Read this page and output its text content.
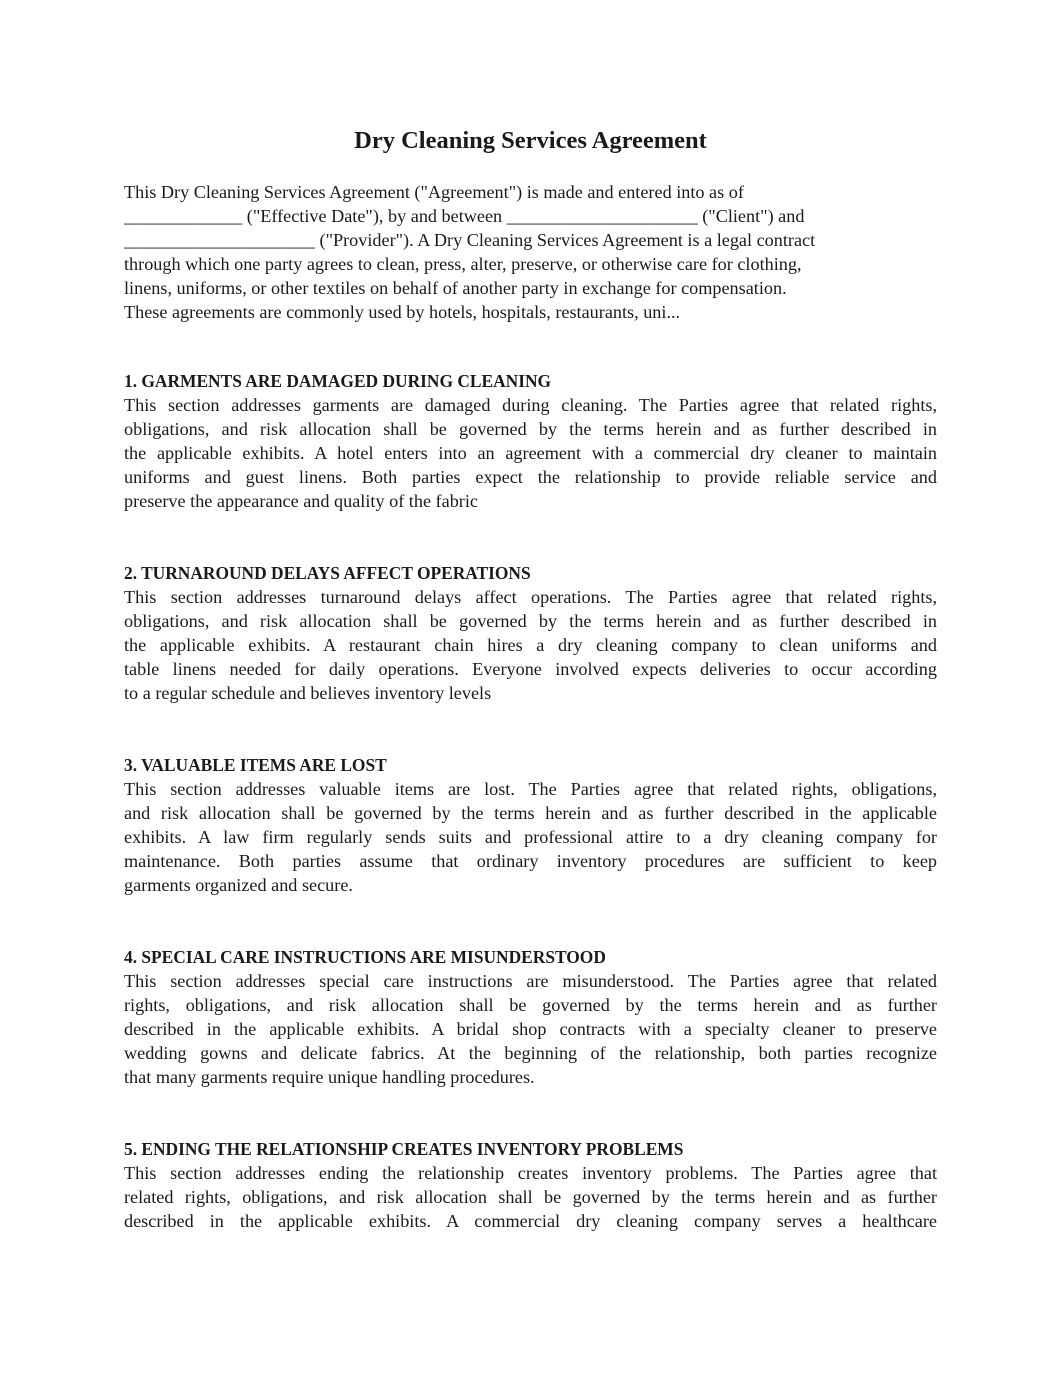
Dry Cleaning Services Agreement

This Dry Cleaning Services Agreement ("Agreement") is made and entered into as of
_____________ ("Effective Date"), by and between _____________________ ("Client") and
_____________________ ("Provider"). A Dry Cleaning Services Agreement is a legal contract
through which one party agrees to clean, press, alter, preserve, or otherwise care for clothing,
linens, uniforms, or other textiles on behalf of another party in exchange for compensation.
These agreements are commonly used by hotels, hospitals, restaurants, uni...

1. GARMENTS ARE DAMAGED DURING CLEANING

This section addresses garments are damaged during cleaning. The Parties agree that related rights,
obligations, and risk allocation shall be governed by the terms herein and as further described in
the applicable exhibits. A hotel enters into an agreement with a commercial dry cleaner to maintain
uniforms and guest linens. Both parties expect the relationship to provide reliable service and
preserve the appearance and quality of the fabric

2. TURNAROUND DELAYS AFFECT OPERATIONS

This section addresses turnaround delays affect operations. The Parties agree that related rights,
obligations, and risk allocation shall be governed by the terms herein and as further described in
the applicable exhibits. A restaurant chain hires a dry cleaning company to clean uniforms and
table linens needed for daily operations. Everyone involved expects deliveries to occur according
to a regular schedule and believes inventory levels

3. VALUABLE ITEMS ARE LOST

This section addresses valuable items are lost. The Parties agree that related rights, obligations,
and risk allocation shall be governed by the terms herein and as further described in the applicable
exhibits. A law firm regularly sends suits and professional attire to a dry cleaning company for
maintenance. Both parties assume that ordinary inventory procedures are sufficient to keep
garments organized and secure.

4. SPECIAL CARE INSTRUCTIONS ARE MISUNDERSTOOD

This section addresses special care instructions are misunderstood. The Parties agree that related
rights, obligations, and risk allocation shall be governed by the terms herein and as further
described in the applicable exhibits. A bridal shop contracts with a specialty cleaner to preserve
wedding gowns and delicate fabrics. At the beginning of the relationship, both parties recognize
that many garments require unique handling procedures.

5. ENDING THE RELATIONSHIP CREATES INVENTORY PROBLEMS

This section addresses ending the relationship creates inventory problems. The Parties agree that
related rights, obligations, and risk allocation shall be governed by the terms herein and as further
described in the applicable exhibits. A commercial dry cleaning company serves a healthcare
